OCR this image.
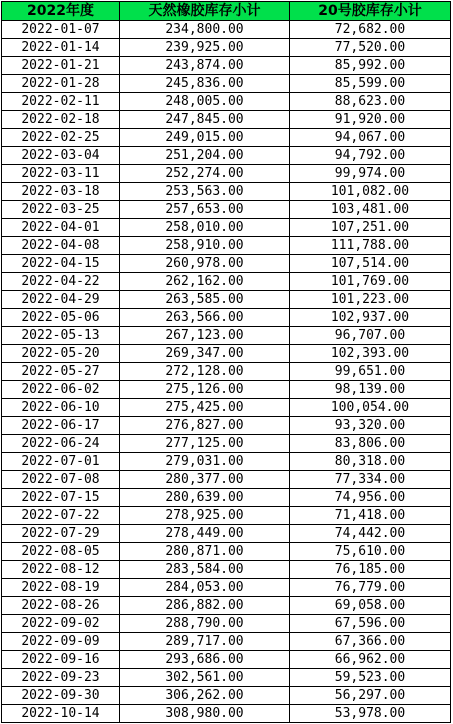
2022年度	天然橡胶库存小计	20号胶库存小计
2022-01-07	234,800.00	72,682.00
2022-01-14	239,925.00	77,520.00
2022-01-21	243,874.00	85,992.00
2022-01-28	245,836.00	85,599.00
2022-02-11	248,005.00	88,623.00
2022-02-18	247,845.00	91,920.00
2022-02-25	249,015.00	94,067.00
2022-03-04	251,204.00	94,792.00
2022-03-11	252,274.00	99,974.00
2022-03-18	253,563.00	101,082.00
2022-03-25	257,653.00	103,481.00
2022-04-01	258,010.00	107,251.00
2022-04-08	258,910.00	111,788.00
2022-04-15	260,978.00	107,514.00
2022-04-22	262,162.00	101,769.00
2022-04-29	263,585.00	101,223.00
2022-05-06	263,566.00	102,937.00
2022-05-13	267,123.00	96,707.00
2022-05-20	269,347.00	102,393.00
2022-05-27	272,128.00	99,651.00
2022-06-02	275,126.00	98,139.00
2022-06-10	275,425.00	100,054.00
2022-06-17	276,827.00	93,320.00
2022-06-24	277,125.00	83,806.00
2022-07-01	279,031.00	80,318.00
2022-07-08	280,377.00	77,334.00
2022-07-15	280,639.00	74,956.00
2022-07-22	278,925.00	71,418.00
2022-07-29	278,449.00	74,442.00
2022-08-05	280,871.00	75,610.00
2022-08-12	283,584.00	76,185.00
2022-08-19	284,053.00	76,779.00
2022-08-26	286,882.00	69,058.00
2022-09-02	288,790.00	67,596.00
2022-09-09	289,717.00	67,366.00
2022-09-16	293,686.00	66,962.00
2022-09-23	302,561.00	59,523.00
2022-09-30	306,262.00	56,297.00
2022-10-14	308,980.00	53,978.00
